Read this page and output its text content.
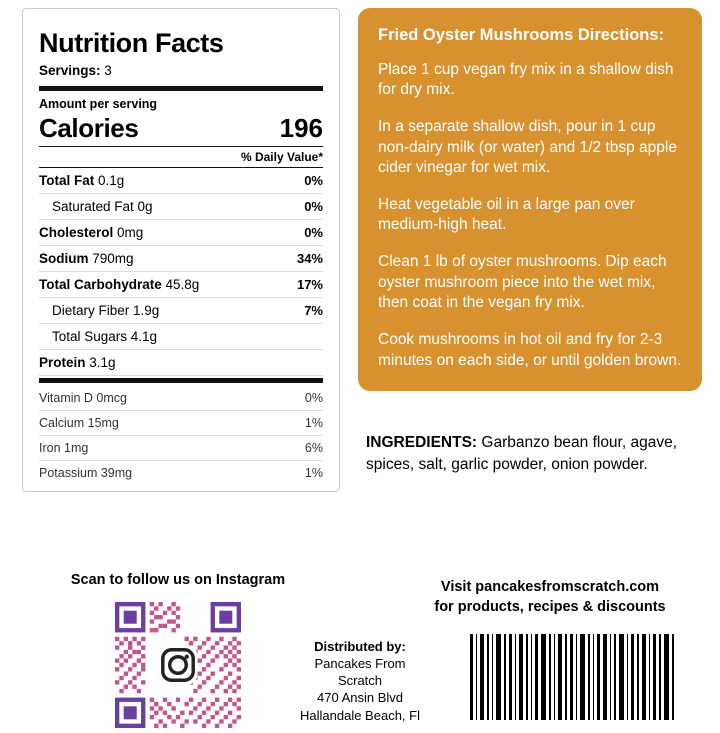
Nutrition Facts
Servings: 3
Amount per serving
Calories	196
% Daily Value*
Total Fat 0.1g	0%
Saturated Fat 0g	0%
Cholesterol 0mg	0%
Sodium 790mg	34%
Total Carbohydrate 45.8g	17%
Dietary Fiber 1.9g	7%
Total Sugars 4.1g
Protein 3.1g
Vitamin D 0mcg	0%
Calcium 15mg	1%
Iron 1mg	6%
Potassium 39mg	1%
Fried Oyster Mushrooms Directions:
Place 1 cup vegan fry mix in a shallow dish for dry mix.
In a separate shallow dish, pour in 1 cup non-dairy milk (or water) and 1/2 tbsp apple cider vinegar for wet mix.
Heat vegetable oil in a large pan over medium-high heat.
Clean 1 lb of oyster mushrooms. Dip each oyster mushroom piece into the wet mix, then coat in the vegan fry mix.
Cook mushrooms in hot oil and fry for 2-3 minutes on each side, or until golden brown.
INGREDIENTS: Garbanzo bean flour, agave, spices, salt, garlic powder, onion powder.
Scan to follow us on Instagram	Visit pancakesfromscratch.com
for products, recipes & discounts
Distributed by:
Pancakes From
Scratch
470 Ansin Blvd
Hallandale Beach, Fl
